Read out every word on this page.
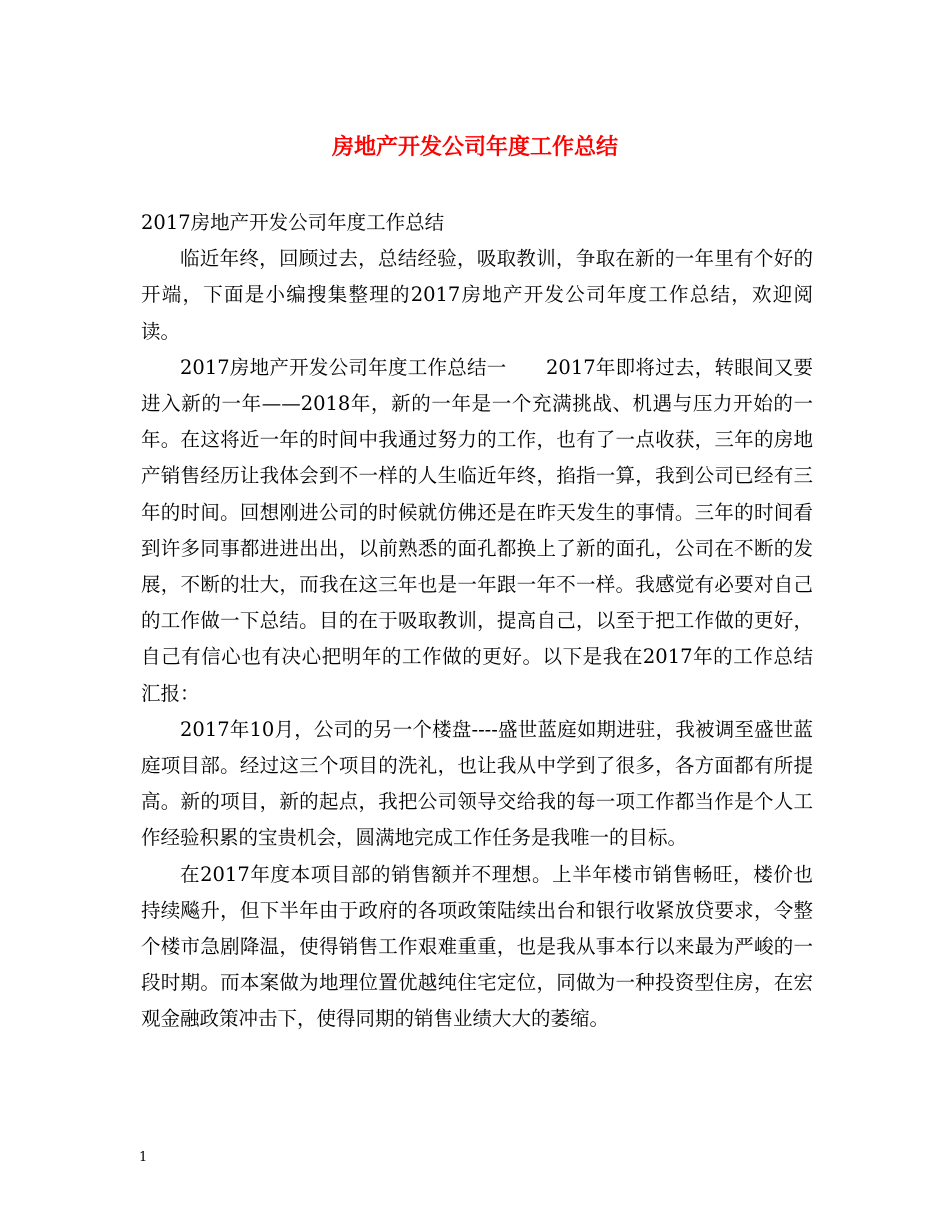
房地产开发公司年度工作总结

2017房地产开发公司年度工作总结

临近年终，回顾过去，总结经验，吸取教训，争取在新的一年里有个好的开端，下面是小编搜集整理的2017房地产开发公司年度工作总结，欢迎阅读。

2017房地产开发公司年度工作总结一　　2017年即将过去，转眼间又要进入新的一年——2018年，新的一年是一个充满挑战、机遇与压力开始的一年。在这将近一年的时间中我通过努力的工作，也有了一点收获，三年的房地产销售经历让我体会到不一样的人生临近年终，掐指一算，我到公司已经有三年的时间。回想刚进公司的时候就仿佛还是在昨天发生的事情。三年的时间看到许多同事都进进出出，以前熟悉的面孔都换上了新的面孔，公司在不断的发展，不断的壮大，而我在这三年也是一年跟一年不一样。我感觉有必要对自己的工作做一下总结。目的在于吸取教训，提高自己，以至于把工作做的更好，自己有信心也有决心把明年的工作做的更好。以下是我在2017年的工作总结汇报：

2017年10月，公司的另一个楼盘----盛世蓝庭如期进驻，我被调至盛世蓝庭项目部。经过这三个项目的洗礼，也让我从中学到了很多，各方面都有所提高。新的项目，新的起点，我把公司领导交给我的每一项工作都当作是个人工作经验积累的宝贵机会，圆满地完成工作任务是我唯一的目标。

在2017年度本项目部的销售额并不理想。上半年楼市销售畅旺，楼价也持续飚升，但下半年由于政府的各项政策陆续出台和银行收紧放贷要求，令整个楼市急剧降温，使得销售工作艰难重重，也是我从事本行以来最为严峻的一段时期。而本案做为地理位置优越纯住宅定位，同做为一种投资型住房，在宏观金融政策冲击下，使得同期的销售业绩大大的萎缩。

1
